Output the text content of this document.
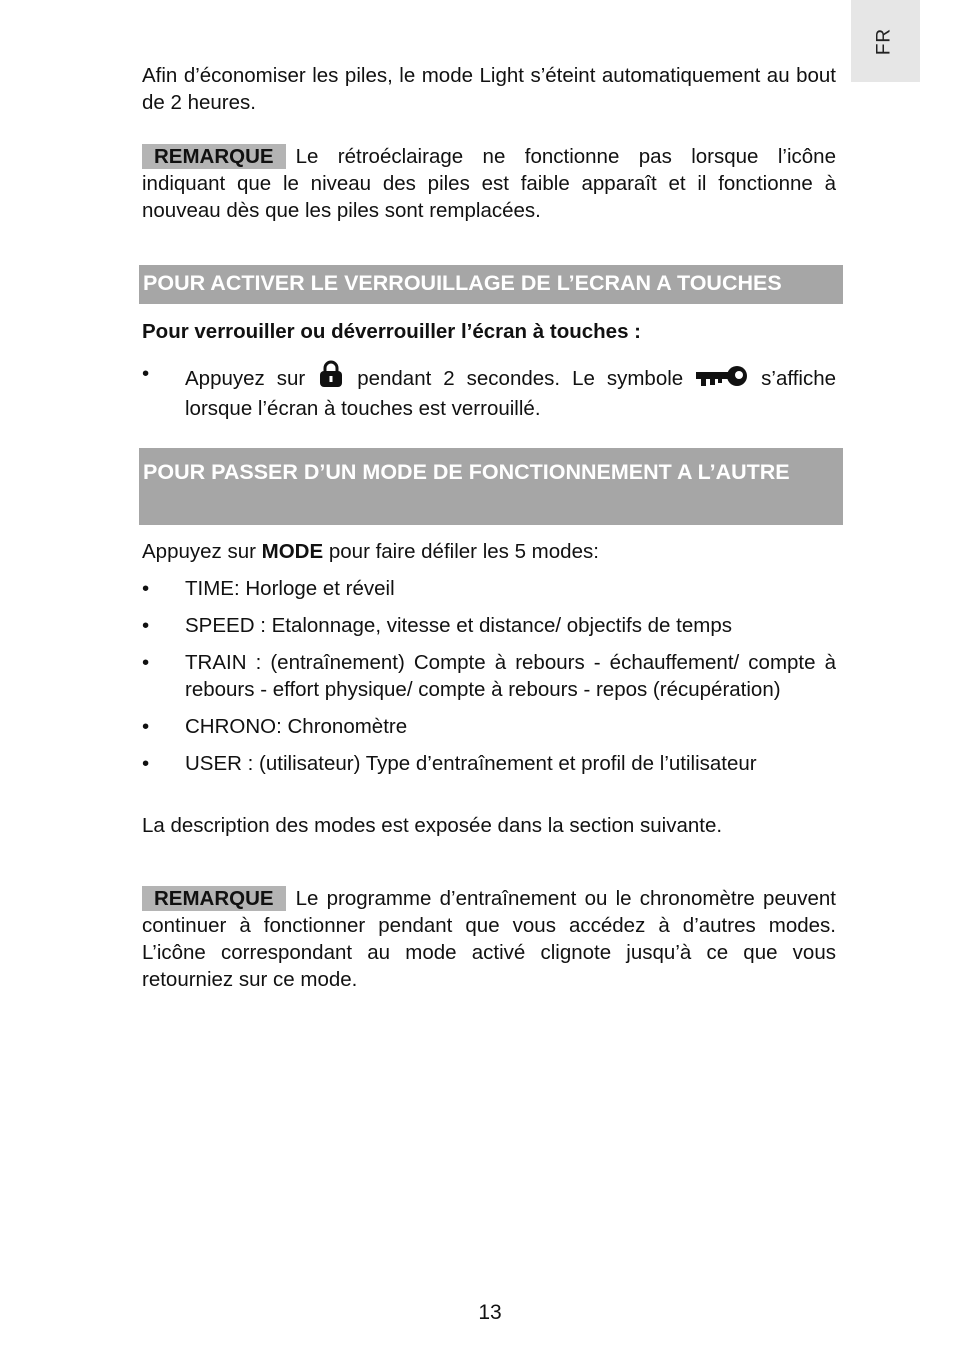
FR
Afin d’économiser les piles, le mode Light s’éteint automatiquement au bout de 2 heures.
REMARQUE Le rétroéclairage ne fonctionne pas lorsque l’icône indiquant que le niveau des piles est faible apparaît et il fonctionne à nouveau dès que les piles sont remplacées.
POUR ACTIVER LE VERROUILLAGE DE L’ECRAN A TOUCHES
Pour verrouiller ou déverrouiller l’écran à touches :
• Appuyez sur	pendant 2 secondes. Le symbole	s’affiche lorsque l’écran à touches est verrouillé.
POUR PASSER D’UN MODE DE FONCTIONNEMENT A L’AUTRE
Appuyez sur MODE pour faire défiler les 5 modes:
• TIME: Horloge et réveil
• SPEED : Etalonnage, vitesse et distance/ objectifs de temps
• TRAIN : (entraînement) Compte à rebours - échauffement/ compte à rebours - effort physique/ compte à rebours - repos (récupération)
• CHRONO: Chronomètre
• USER : (utilisateur) Type d’entraînement et profil de l’utilisateur
La description des modes est exposée dans la section suivante.
REMARQUE Le programme d’entraînement ou le chronomètre peuvent continuer à fonctionner pendant que vous accédez à d’autres modes. L’icône correspondant au mode activé clignote jusqu’à ce que vous retourniez sur ce mode.
13
